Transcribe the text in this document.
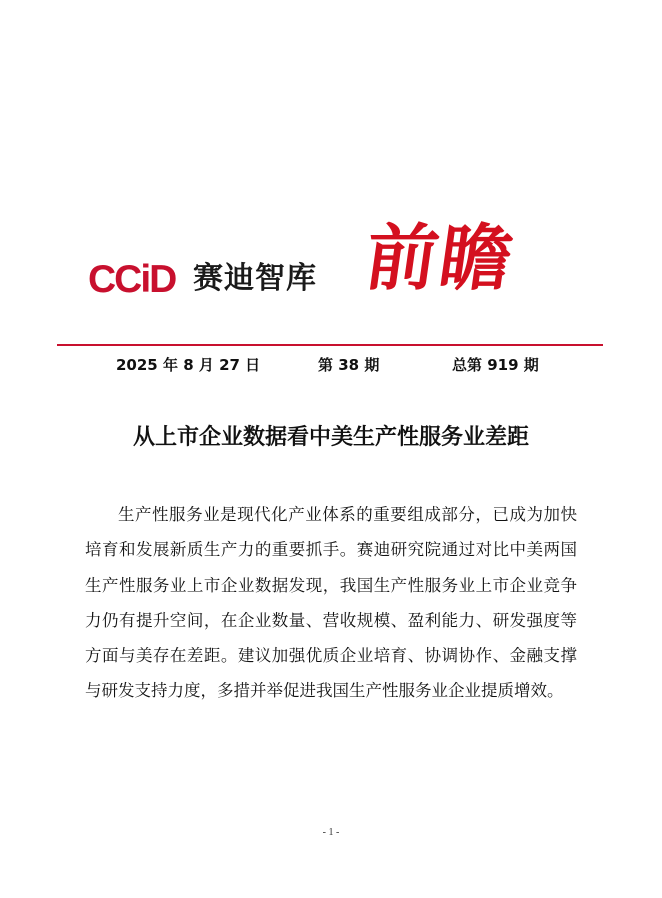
CCiD 赛迪智库 前瞻
2025 年 8 月 27 日	第 38 期	总第 919 期
从上市企业数据看中美生产性服务业差距

生产性服务业是现代化产业体系的重要组成部分，已成为加快培育和发展新质生产力的重要抓手。赛迪研究院通过对比中美两国生产性服务业上市企业数据发现，我国生产性服务业上市企业竞争力仍有提升空间，在企业数量、营收规模、盈利能力、研发强度等方面与美存在差距。建议加强优质企业培育、协调协作、金融支撑与研发支持力度，多措并举促进我国生产性服务业企业提质增效。

- 1 -
